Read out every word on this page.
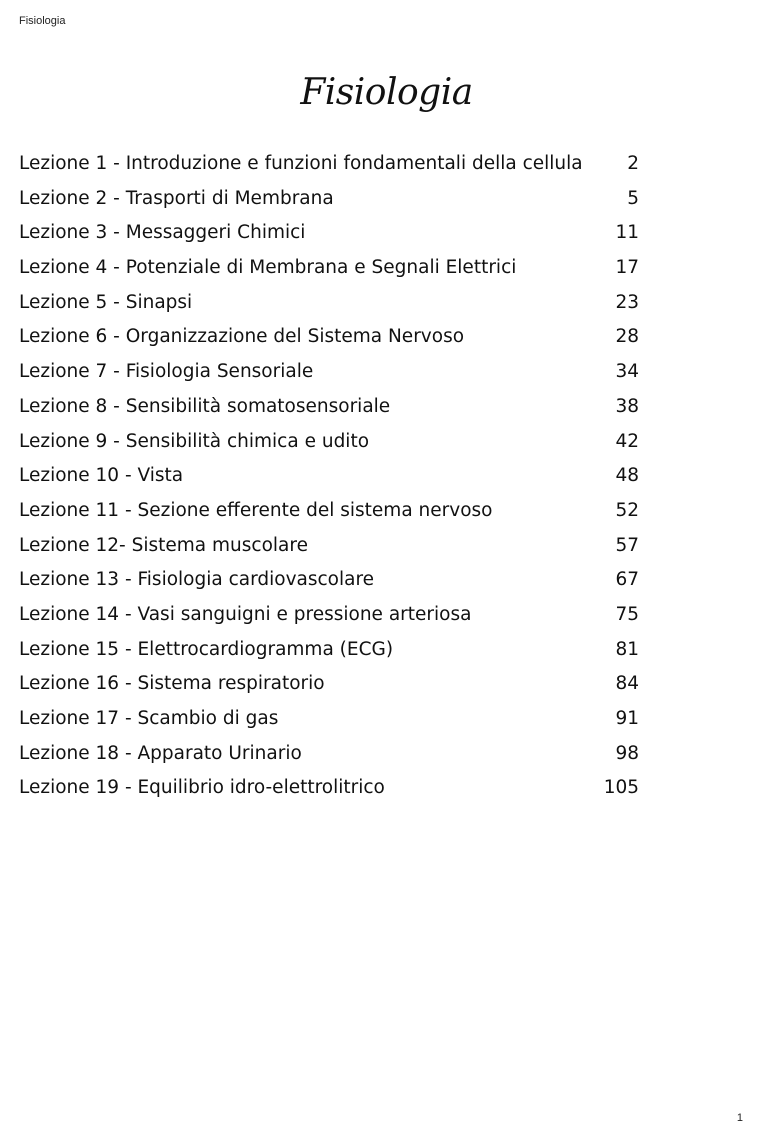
Fisiologia
Fisiologia
Lezione 1 - Introduzione e funzioni fondamentali della cellula	2
Lezione 2 - Trasporti di Membrana	5
Lezione 3 - Messaggeri Chimici	11
Lezione 4 - Potenziale di Membrana e Segnali Elettrici	17
Lezione 5 - Sinapsi	23
Lezione 6 - Organizzazione del Sistema Nervoso	28
Lezione 7 - Fisiologia Sensoriale	34
Lezione 8 - Sensibilità somatosensoriale	38
Lezione 9 - Sensibilità chimica e udito	42
Lezione 10 - Vista	48
Lezione 11 - Sezione efferente del sistema nervoso	52
Lezione 12- Sistema muscolare	57
Lezione 13 - Fisiologia cardiovascolare	67
Lezione 14 - Vasi sanguigni e pressione arteriosa	75
Lezione 15 - Elettrocardiogramma (ECG)	81
Lezione 16 - Sistema respiratorio	84
Lezione 17 - Scambio di gas	91
Lezione 18 - Apparato Urinario	98
Lezione 19 - Equilibrio idro-elettrolitrico	105
1
